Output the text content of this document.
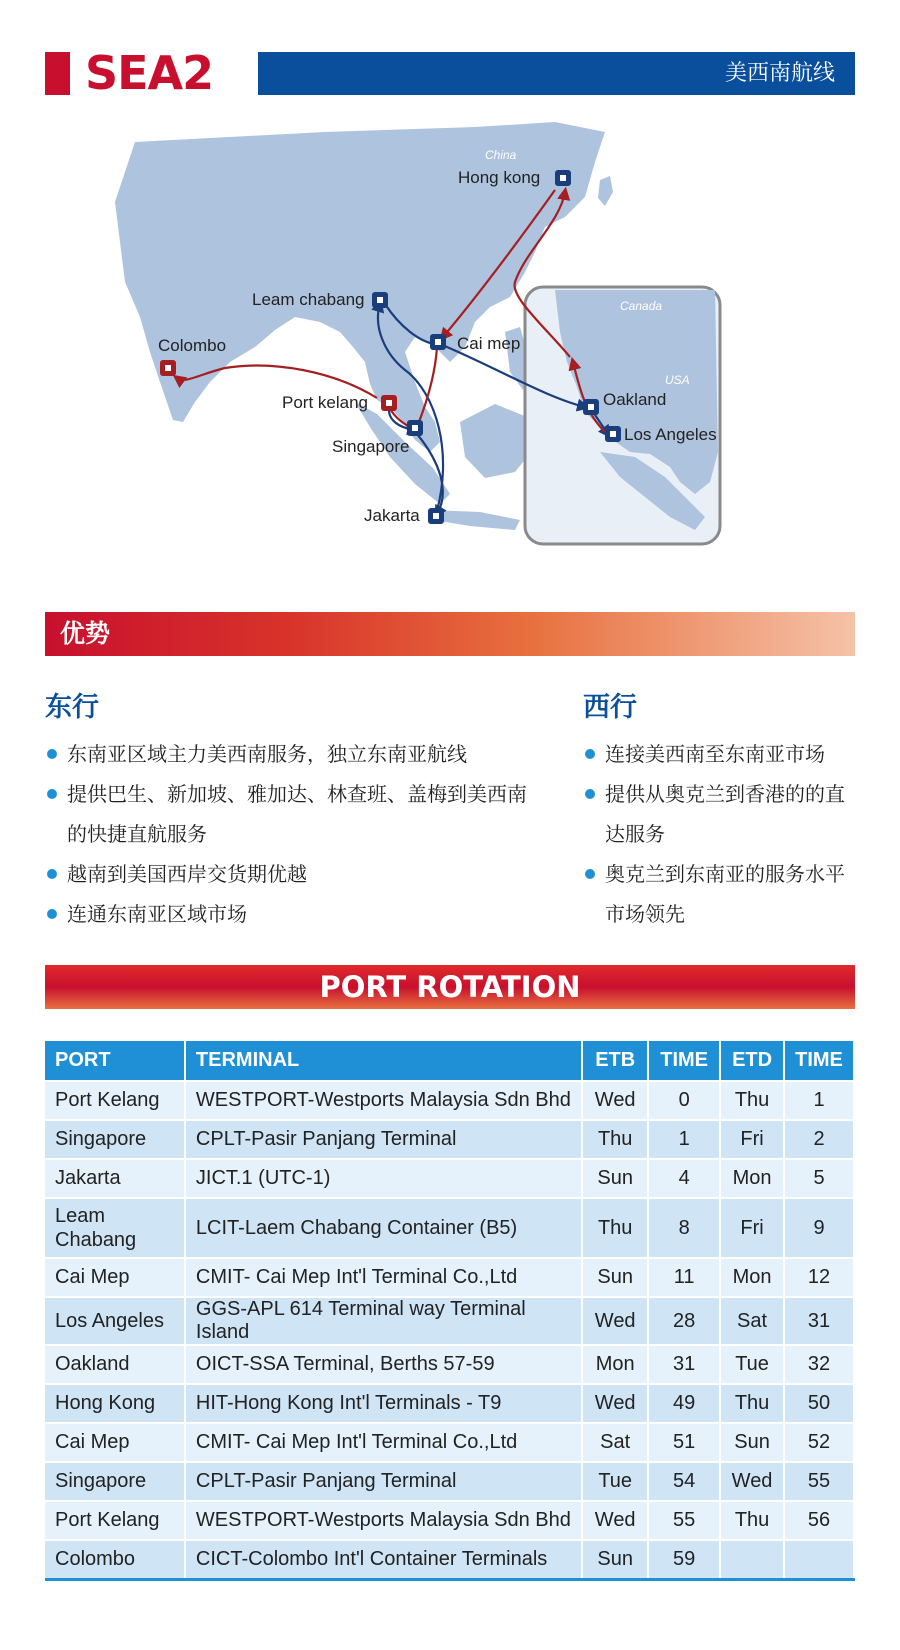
SEA2	美西南航线
China
Canada
USA
Pacific Ocean
Hong kong
Leam chabang
Cai mep
Colombo
Port kelang
Singapore
Jakarta
Oakland
Los Angeles
优势
东行
东南亚区域主力美西南服务，独立东南亚航线
提供巴生、新加坡、雅加达、林查班、盖梅到美西南的快捷直航服务
越南到美国西岸交货期优越
连通东南亚区域市场
西行
连接美西南至东南亚市场
提供从奥克兰到香港的的直达服务
奥克兰到东南亚的服务水平市场领先
PORT ROTATION
PORT	TERMINAL	ETB	TIME	ETD	TIME
Port Kelang	WESTPORT-Westports Malaysia Sdn Bhd	Wed	0	Thu	1
Singapore	CPLT-Pasir Panjang Terminal	Thu	1	Fri	2
Jakarta	JICT.1 (UTC-1)	Sun	4	Mon	5
Leam Chabang	LCIT-Laem Chabang Container (B5)	Thu	8	Fri	9
Cai Mep	CMIT- Cai Mep Int'l Terminal Co.,Ltd	Sun	11	Mon	12
Los Angeles	GGS-APL 614 Terminal way Terminal Island	Wed	28	Sat	31
Oakland	OICT-SSA Terminal, Berths 57-59	Mon	31	Tue	32
Hong Kong	HIT-Hong Kong Int'l Terminals - T9	Wed	49	Thu	50
Cai Mep	CMIT- Cai Mep Int'l Terminal Co.,Ltd	Sat	51	Sun	52
Singapore	CPLT-Pasir Panjang Terminal	Tue	54	Wed	55
Port Kelang	WESTPORT-Westports Malaysia Sdn Bhd	Wed	55	Thu	56
Colombo	CICT-Colombo Int'l Container Terminals	Sun	59		
